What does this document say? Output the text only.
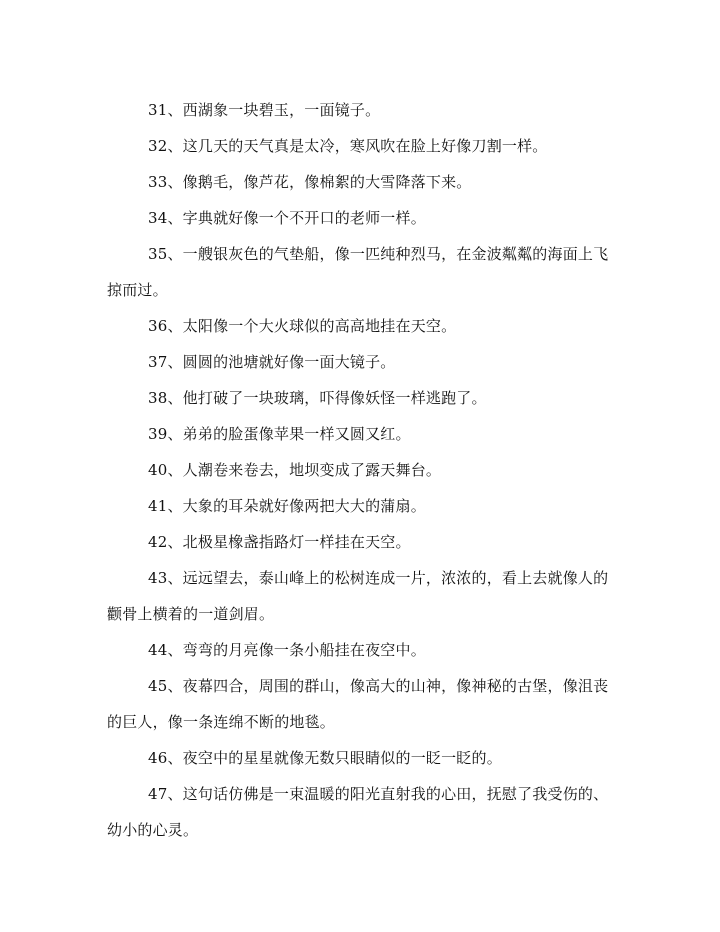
31、西湖象一块碧玉，一面镜子。

32、这几天的天气真是太冷，寒风吹在脸上好像刀割一样。

33、像鹅毛，像芦花，像棉絮的大雪降落下来。

34、字典就好像一个不开口的老师一样。

35、一艘银灰色的气垫船，像一匹纯种烈马，在金波粼粼的海面上飞掠而过。

36、太阳像一个大火球似的高高地挂在天空。

37、圆圆的池塘就好像一面大镜子。

38、他打破了一块玻璃，吓得像妖怪一样逃跑了。

39、弟弟的脸蛋像苹果一样又圆又红。

40、人潮卷来卷去，地坝变成了露天舞台。

41、大象的耳朵就好像两把大大的蒲扇。

42、北极星橡盏指路灯一样挂在天空。

43、远远望去，泰山峰上的松树连成一片，浓浓的，看上去就像人的颧骨上横着的一道剑眉。

44、弯弯的月亮像一条小船挂在夜空中。

45、夜幕四合，周围的群山，像高大的山神，像神秘的古堡，像沮丧的巨人，像一条连绵不断的地毯。

46、夜空中的星星就像无数只眼睛似的一眨一眨的。

47、这句话仿佛是一束温暖的阳光直射我的心田，抚慰了我受伤的、幼小的心灵。
